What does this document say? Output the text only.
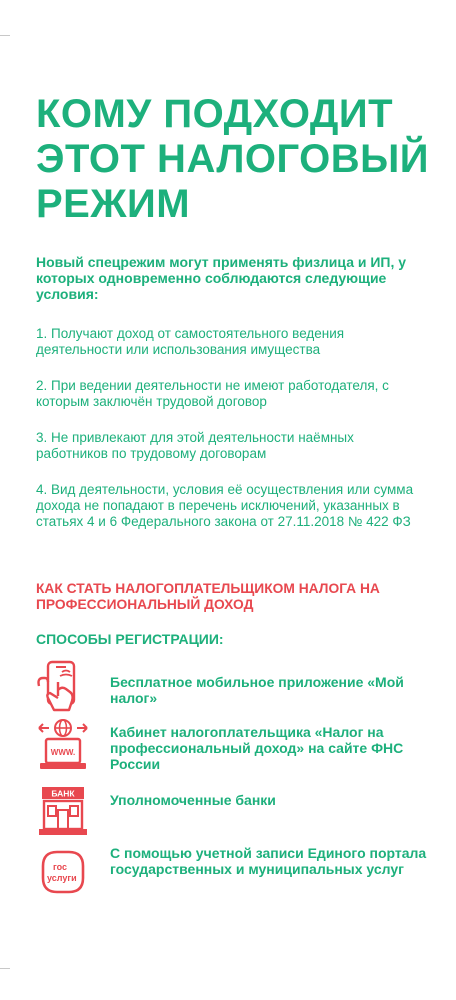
КОМУ ПОДХОДИТ ЭТОТ НАЛОГОВЫЙ РЕЖИМ
Новый спецрежим могут применять физлица и ИП, у которых одновременно соблюдаются следующие условия:
1. Получают доход от самостоятельного ведения деятельности или использования имущества
2. При ведении деятельности не имеют работодателя, с которым заключён трудовой договор
3. Не привлекают для этой деятельности наёмных работников по трудовому договорам
4. Вид деятельности, условия её осуществления или сумма дохода не попадают в перечень исключений, указанных в статьях 4 и 6 Федерального закона от 27.11.2018 № 422 ФЗ
КАК СТАТЬ НАЛОГОПЛАТЕЛЬЩИКОМ НАЛОГА НА ПРОФЕССИОНАЛЬНЫЙ ДОХОД
СПОСОБЫ РЕГИСТРАЦИИ:
Бесплатное мобильное приложение «Мой налог»
WWW.
Кабинет налогоплательщика «Налог на профессиональный доход» на сайте ФНС России
БАНК	Уполномоченные банки
гос
услуги
С помощью учетной записи Единого портала государственных и муниципальных услуг
